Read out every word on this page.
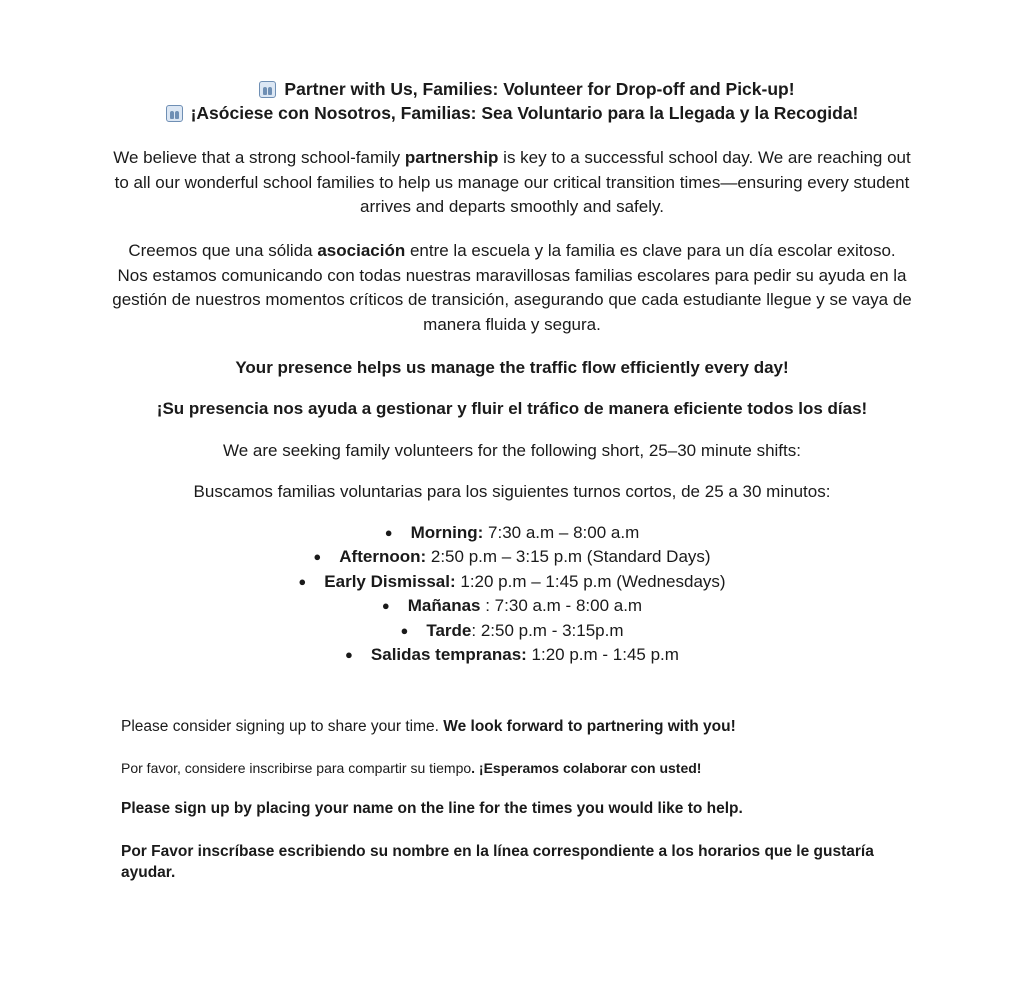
Partner with Us, Families: Volunteer for Drop-off and Pick-up!
¡Asóciese con Nosotros, Familias: Sea Voluntario para la Llegada y la Recogida!

We believe that a strong school-family partnership is key to a successful school day. We are reaching out to all our wonderful school families to help us manage our critical transition times—ensuring every student arrives and departs smoothly and safely.

Creemos que una sólida asociación entre la escuela y la familia es clave para un día escolar exitoso. Nos estamos comunicando con todas nuestras maravillosas familias escolares para pedir su ayuda en la gestión de nuestros momentos críticos de transición, asegurando que cada estudiante llegue y se vaya de manera fluida y segura.

Your presence helps us manage the traffic flow efficiently every day!
¡Su presencia nos ayuda a gestionar y fluir el tráfico de manera eficiente todos los días!
We are seeking family volunteers for the following short, 25–30 minute shifts:
Buscamos familias voluntarias para los siguientes turnos cortos, de 25 a 30 minutos:
● Morning: 7:30 a.m – 8:00 a.m
● Afternoon: 2:50 p.m – 3:15 p.m (Standard Days)
● Early Dismissal: 1:20 p.m – 1:45 p.m (Wednesdays)
● Mañanas : 7:30 a.m - 8:00 a.m
● Tarde: 2:50 p.m - 3:15p.m
● Salidas tempranas: 1:20 p.m - 1:45 p.m
Please consider signing up to share your time. We look forward to partnering with you!
Por favor, considere inscribirse para compartir su tiempo. ¡Esperamos colaborar con usted!
Please sign up by placing your name on the line for the times you would like to help.
Por Favor inscríbase escribiendo su nombre en la línea correspondiente a los horarios que le gustaría ayudar.
